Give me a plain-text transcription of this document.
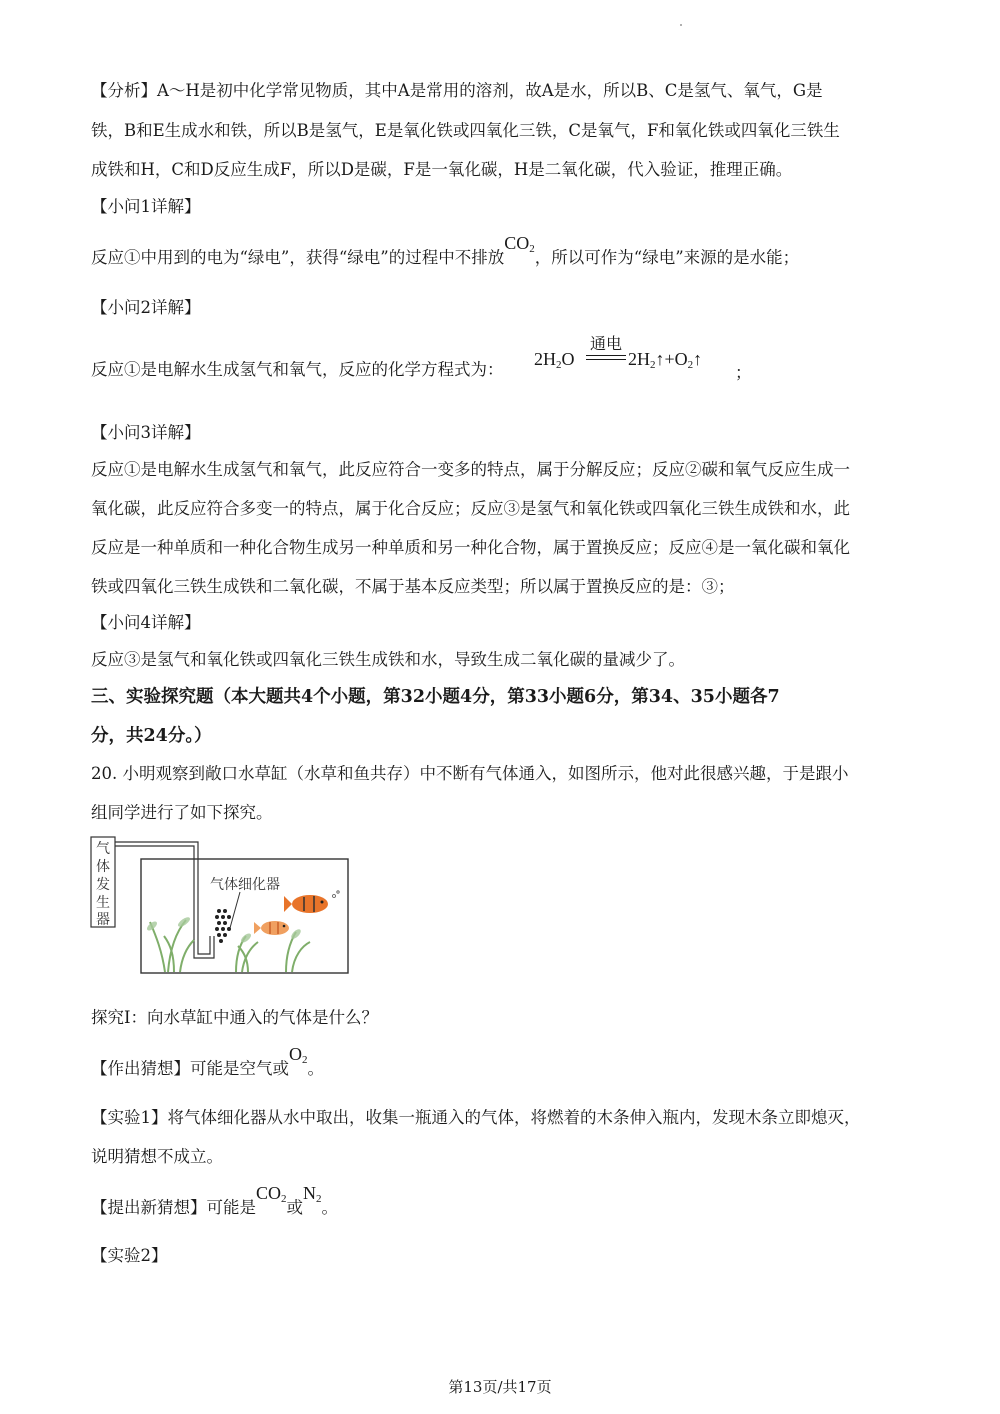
【分析】A～H是初中化学常见物质，其中A是常用的溶剂，故A是水，所以B、C是氢气、氧气，G是
铁，B和E生成水和铁，所以B是氢气，E是氧化铁或四氧化三铁，C是氧气，F和氧化铁或四氧化三铁生
成铁和H，C和D反应生成F，所以D是碳，F是一氧化碳，H是二氧化碳，代入验证，推理正确。
【小问1详解】
反应①中用到的电为“绿电”，获得“绿电”的过程中不排放$CO_2$，所以可作为“绿电”来源的是水能；
【小问2详解】
反应①是电解水生成氢气和氧气，反应的化学方程式为：
$2H_2O$
通电
$2H_2↑+O_2↑$
；
【小问3详解】
反应①是电解水生成氢气和氧气，此反应符合一变多的特点，属于分解反应；反应②碳和氧气反应生成一
氧化碳，此反应符合多变一的特点，属于化合反应；反应③是氢气和氧化铁或四氧化三铁生成铁和水，此
反应是一种单质和一种化合物生成另一种单质和另一种化合物，属于置换反应；反应④是一氧化碳和氧化
铁或四氧化三铁生成铁和二氧化碳，不属于基本反应类型；所以属于置换反应的是：③；
【小问4详解】
反应③是氢气和氧化铁或四氧化三铁生成铁和水，导致生成二氧化碳的量减少了。
三、实验探究题（本大题共4个小题，第32小题4分，第33小题6分，第34、35小题各7
分，共24分。）
20. 小明观察到敞口水草缸（水草和鱼共存）中不断有气体通入，如图所示，他对此很感兴趣，于是跟小
组同学进行了如下探究。
气
体
发
生
器
气体细化器
探究I：向水草缸中通入的气体是什么？
【作出猜想】可能是空气或$O_2$。
【实验1】将气体细化器从水中取出，收集一瓶通入的气体，将燃着的木条伸入瓶内，发现木条立即熄灭，
说明猜想不成立。
【提出新猜想】可能是$CO_2$或$N_2$。
【实验2】
第13页/共17页
